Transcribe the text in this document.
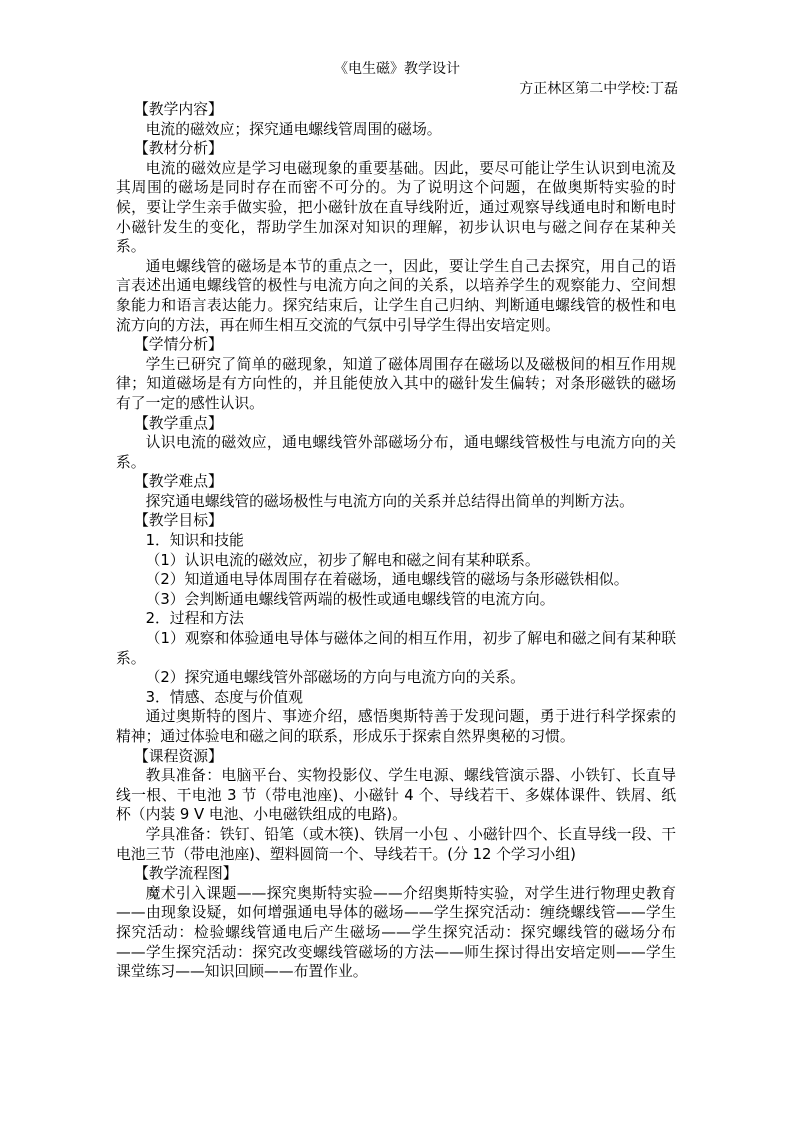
《电生磁》教学设计
方正林区第二中学校:丁磊

【教学内容】

电流的磁效应；探究通电螺线管周围的磁场。

【教材分析】

电流的磁效应是学习电磁现象的重要基础。因此，要尽可能让学生认识到电流及其周围的磁场是同时存在而密不可分的。为了说明这个问题，在做奥斯特实验的时候，要让学生亲手做实验，把小磁针放在直导线附近，通过观察导线通电时和断电时小磁针发生的变化，帮助学生加深对知识的理解，初步认识电与磁之间存在某种关系。

通电螺线管的磁场是本节的重点之一，因此，要让学生自己去探究，用自己的语言表述出通电螺线管的极性与电流方向之间的关系，以培养学生的观察能力、空间想象能力和语言表达能力。探究结束后，让学生自己归纳、判断通电螺线管的极性和电流方向的方法，再在师生相互交流的气氛中引导学生得出安培定则。

【学情分析】

学生已研究了简单的磁现象，知道了磁体周围存在磁场以及磁极间的相互作用规律；知道磁场是有方向性的，并且能使放入其中的磁针发生偏转；对条形磁铁的磁场有了一定的感性认识。

【教学重点】

认识电流的磁效应，通电螺线管外部磁场分布，通电螺线管极性与电流方向的关系。

【教学难点】

探究通电螺线管的磁场极性与电流方向的关系并总结得出简单的判断方法。

【教学目标】

1．知识和技能

（1）认识电流的磁效应，初步了解电和磁之间有某种联系。

（2）知道通电导体周围存在着磁场，通电螺线管的磁场与条形磁铁相似。

（3）会判断通电螺线管两端的极性或通电螺线管的电流方向。

2．过程和方法

（1）观察和体验通电导体与磁体之间的相互作用，初步了解电和磁之间有某种联系。

（2）探究通电螺线管外部磁场的方向与电流方向的关系。

3．情感、态度与价值观

通过奥斯特的图片、事迹介绍，感悟奥斯特善于发现问题，勇于进行科学探索的精神；通过体验电和磁之间的联系，形成乐于探索自然界奥秘的习惯。

【课程资源】

教具准备：电脑平台、实物投影仪、学生电源、螺线管演示器、小铁钉、长直导线一根、干电池 3 节（带电池座)、小磁针 4 个、导线若干、多媒体课件、铁屑、纸杯（内装 9 V 电池、小电磁铁组成的电路)。

学具准备：铁钉、铅笔（或木筷)、铁屑一小包 、小磁针四个、长直导线一段、干电池三节（带电池座)、塑料圆筒一个、导线若干。(分 12 个学习小组)

【教学流程图】

魔术引入课题——探究奥斯特实验——介绍奥斯特实验，对学生进行物理史教育——由现象设疑，如何增强通电导体的磁场——学生探究活动：缠绕螺线管——学生探究活动：检验螺线管通电后产生磁场——学生探究活动：探究螺线管的磁场分布——学生探究活动：探究改变螺线管磁场的方法——师生探讨得出安培定则——学生课堂练习——知识回顾——布置作业。
